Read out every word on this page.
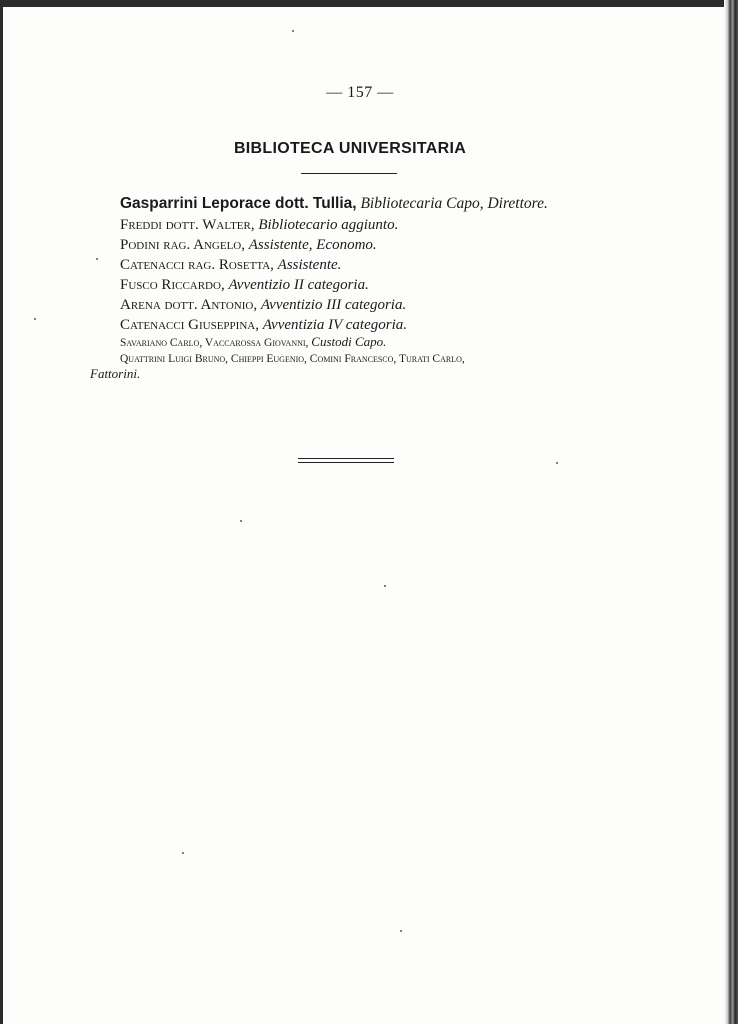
— 157 —
BIBLIOTECA UNIVERSITARIA
Gasparrini Leporace dott. Tullia, Bibliotecaria Capo, Direttore.
Freddi dott. Walter, Bibliotecario aggiunto.
Podini rag. Angelo, Assistente, Economo.
Catenacci rag. Rosetta, Assistente.
Fusco Riccardo, Avventizio II categoria.
Arena dott. Antonio, Avventizio III categoria.
Catenacci Giuseppina, Avventizia IV categoria.
Savariano Carlo, Vaccarossa Giovanni, Custodi Capo.
Quattrini Luigi Bruno, Chieppi Eugenio, Comini Francesco, Turati Carlo,
Fattorini.
